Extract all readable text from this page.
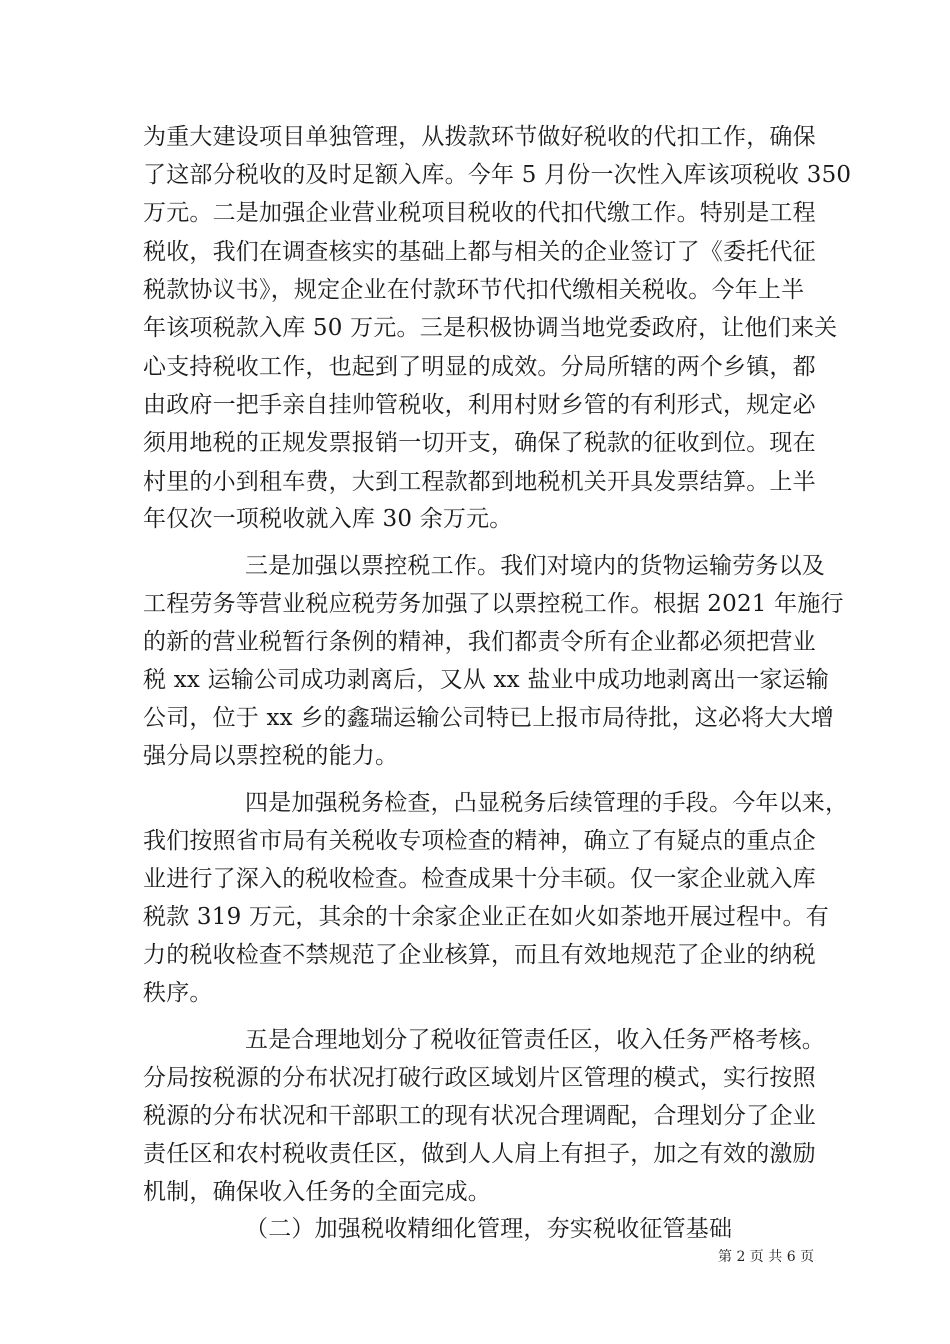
为重大建设项目单独管理，从拨款环节做好税收的代扣工作，确保
了这部分税收的及时足额入库。今年 5 月份一次性入库该项税收 350
万元。二是加强企业营业税项目税收的代扣代缴工作。特别是工程
税收，我们在调查核实的基础上都与相关的企业签订了《委托代征
税款协议书》，规定企业在付款环节代扣代缴相关税收。今年上半
年该项税款入库 50 万元。三是积极协调当地党委政府，让他们来关
心支持税收工作，也起到了明显的成效。分局所辖的两个乡镇，都
由政府一把手亲自挂帅管税收，利用村财乡管的有利形式，规定必
须用地税的正规发票报销一切开支，确保了税款的征收到位。现在
村里的小到租车费，大到工程款都到地税机关开具发票结算。上半
年仅次一项税收就入库 30 余万元。
三是加强以票控税工作。我们对境内的货物运输劳务以及
工程劳务等营业税应税劳务加强了以票控税工作。根据 2021 年施行
的新的营业税暂行条例的精神，我们都责令所有企业都必须把营业
税 xx 运输公司成功剥离后，又从 xx 盐业中成功地剥离出一家运输
公司，位于 xx 乡的鑫瑞运输公司特已上报市局待批，这必将大大增
强分局以票控税的能力。
四是加强税务检查，凸显税务后续管理的手段。今年以来，
我们按照省市局有关税收专项检查的精神，确立了有疑点的重点企
业进行了深入的税收检查。检查成果十分丰硕。仅一家企业就入库
税款 319 万元，其余的十余家企业正在如火如荼地开展过程中。有
力的税收检查不禁规范了企业核算，而且有效地规范了企业的纳税
秩序。
五是合理地划分了税收征管责任区，收入任务严格考核。
分局按税源的分布状况打破行政区域划片区管理的模式，实行按照
税源的分布状况和干部职工的现有状况合理调配，合理划分了企业
责任区和农村税收责任区，做到人人肩上有担子，加之有效的激励
机制，确保收入任务的全面完成。
（二）加强税收精细化管理，夯实税收征管基础
第 2 页 共 6 页
